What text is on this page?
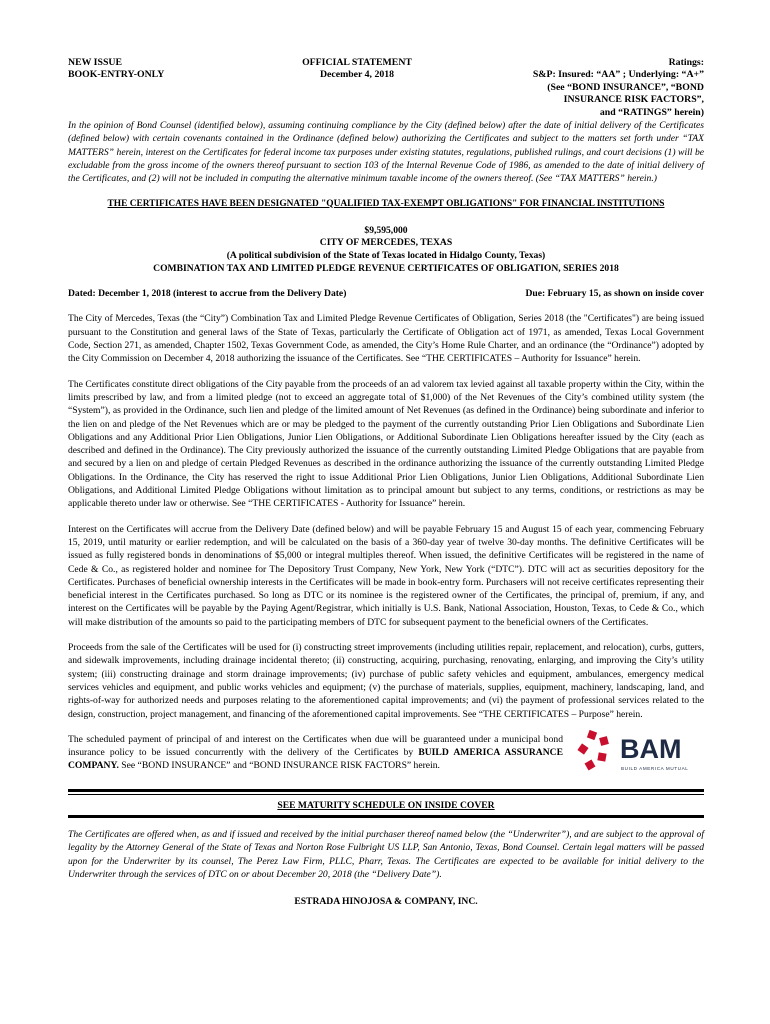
NEW ISSUE
BOOK-ENTRY-ONLY
OFFICIAL STATEMENT
December 4, 2018
Ratings:
S&P: Insured: “AA” ; Underlying: “A+”
(See “BOND INSURANCE”, “BOND
INSURANCE RISK FACTORS”,
and “RATINGS” herein)

In the opinion of Bond Counsel (identified below), assuming continuing compliance by the City (defined below) after the date of initial delivery of the Certificates (defined below) with certain covenants contained in the Ordinance (defined below) authorizing the Certificates and subject to the matters set forth under “TAX MATTERS” herein, interest on the Certificates for federal income tax purposes under existing statutes, regulations, published rulings, and court decisions (1) will be excludable from the gross income of the owners thereof pursuant to section 103 of the Internal Revenue Code of 1986, as amended to the date of initial delivery of the Certificates, and (2) will not be included in computing the alternative minimum taxable income of the owners thereof. (See “TAX MATTERS” herein.)

THE CERTIFICATES HAVE BEEN DESIGNATED "QUALIFIED TAX-EXEMPT OBLIGATIONS" FOR FINANCIAL INSTITUTIONS
$9,595,000
CITY OF MERCEDES, TEXAS
(A political subdivision of the State of Texas located in Hidalgo County, Texas)
COMBINATION TAX AND LIMITED PLEDGE REVENUE CERTIFICATES OF OBLIGATION, SERIES 2018
Dated: December 1, 2018 (interest to accrue from the Delivery Date)	Due: February 15, as shown on inside cover

The City of Mercedes, Texas (the “City”) Combination Tax and Limited Pledge Revenue Certificates of Obligation, Series 2018 (the "Certificates") are being issued pursuant to the Constitution and general laws of the State of Texas, particularly the Certificate of Obligation act of 1971, as amended, Texas Local Government Code, Section 271, as amended, Chapter 1502, Texas Government Code, as amended, the City’s Home Rule Charter, and an ordinance (the “Ordinance”) adopted by the City Commission on December 4, 2018 authorizing the issuance of the Certificates. See “THE CERTIFICATES – Authority for Issuance” herein.

The Certificates constitute direct obligations of the City payable from the proceeds of an ad valorem tax levied against all taxable property within the City, within the limits prescribed by law, and from a limited pledge (not to exceed an aggregate total of $1,000) of the Net Revenues of the City’s combined utility system (the “System”), as provided in the Ordinance, such lien and pledge of the limited amount of Net Revenues (as defined in the Ordinance) being subordinate and inferior to the lien on and pledge of the Net Revenues which are or may be pledged to the payment of the currently outstanding Prior Lien Obligations and Subordinate Lien Obligations and any Additional Prior Lien Obligations, Junior Lien Obligations, or Additional Subordinate Lien Obligations hereafter issued by the City (each as described and defined in the Ordinance). The City previously authorized the issuance of the currently outstanding Limited Pledge Obligations that are payable from and secured by a lien on and pledge of certain Pledged Revenues as described in the ordinance authorizing the issuance of the currently outstanding Limited Pledge Obligations. In the Ordinance, the City has reserved the right to issue Additional Prior Lien Obligations, Junior Lien Obligations, Additional Subordinate Lien Obligations, and Additional Limited Pledge Obligations without limitation as to principal amount but subject to any terms, conditions, or restrictions as may be applicable thereto under law or otherwise. See “THE CERTIFICATES - Authority for Issuance” herein.

Interest on the Certificates will accrue from the Delivery Date (defined below) and will be payable February 15 and August 15 of each year, commencing February 15, 2019, until maturity or earlier redemption, and will be calculated on the basis of a 360-day year of twelve 30-day months. The definitive Certificates will be issued as fully registered bonds in denominations of $5,000 or integral multiples thereof. When issued, the definitive Certificates will be registered in the name of Cede & Co., as registered holder and nominee for The Depository Trust Company, New York, New York (“DTC”). DTC will act as securities depository for the Certificates. Purchases of beneficial ownership interests in the Certificates will be made in book-entry form. Purchasers will not receive certificates representing their beneficial interest in the Certificates purchased. So long as DTC or its nominee is the registered owner of the Certificates, the principal of, premium, if any, and interest on the Certificates will be payable by the Paying Agent/Registrar, which initially is U.S. Bank, National Association, Houston, Texas, to Cede & Co., which will make distribution of the amounts so paid to the participating members of DTC for subsequent payment to the beneficial owners of the Certificates.

Proceeds from the sale of the Certificates will be used for (i) constructing street improvements (including utilities repair, replacement, and relocation), curbs, gutters, and sidewalk improvements, including drainage incidental thereto; (ii) constructing, acquiring, purchasing, renovating, enlarging, and improving the City’s utility system; (iii) constructing drainage and storm drainage improvements; (iv) purchase of public safety vehicles and equipment, ambulances, emergency medical services vehicles and equipment, and public works vehicles and equipment; (v) the purchase of materials, supplies, equipment, machinery, landscaping, land, and rights-of-way for authorized needs and purposes relating to the aforementioned capital improvements; and (vi) the payment of professional services related to the design, construction, project management, and financing of the aforementioned capital improvements. See “THE CERTIFICATES – Purpose” herein.

The scheduled payment of principal of and interest on the Certificates when due will be guaranteed under a municipal bond insurance policy to be issued concurrently with the delivery of the Certificates by BUILD AMERICA ASSURANCE COMPANY. See “BOND INSURANCE” and “BOND INSURANCE RISK FACTORS” herein.

BAM
BUILD AMERICA MUTUAL
SEE MATURITY SCHEDULE ON INSIDE COVER

The Certificates are offered when, as and if issued and received by the initial purchaser thereof named below (the “Underwriter”), and are subject to the approval of legality by the Attorney General of the State of Texas and Norton Rose Fulbright US LLP, San Antonio, Texas, Bond Counsel. Certain legal matters will be passed upon for the Underwriter by its counsel, The Perez Law Firm, PLLC, Pharr, Texas. The Certificates are expected to be available for initial delivery to the Underwriter through the services of DTC on or about December 20, 2018 (the “Delivery Date”).

ESTRADA HINOJOSA & COMPANY, INC.
